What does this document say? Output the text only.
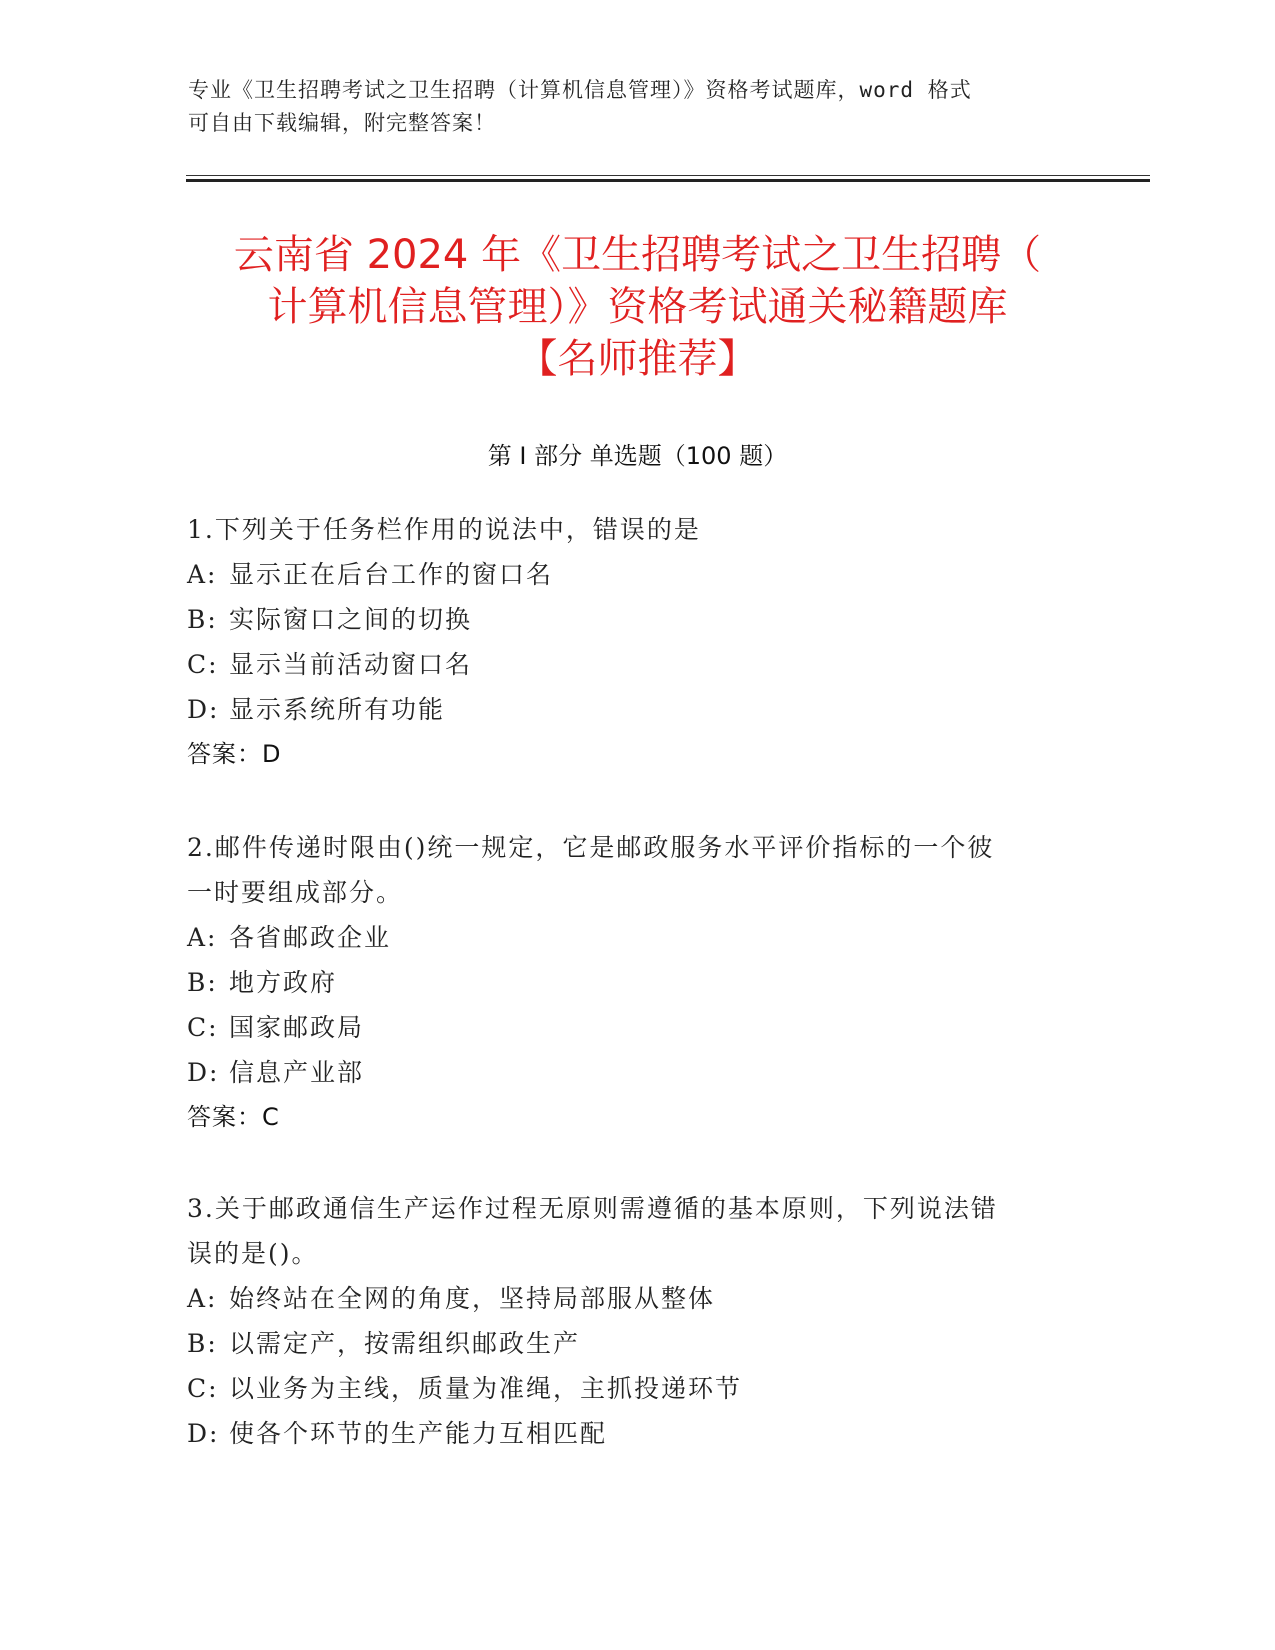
专业《卫生招聘考试之卫生招聘（计算机信息管理）》资格考试题库，word 格式
可自由下载编辑，附完整答案！
云南省 2024 年《卫生招聘考试之卫生招聘（
计算机信息管理）》资格考试通关秘籍题库
【名师推荐】
第 I 部分 单选题（100 题）
1.下列关于任务栏作用的说法中，错误的是
A: 显示正在后台工作的窗口名
B: 实际窗口之间的切换
C: 显示当前活动窗口名
D: 显示系统所有功能
答案：D
2.邮件传递时限由()统一规定，它是邮政服务水平评价指标的一个彼
一时要组成部分。
A: 各省邮政企业
B: 地方政府
C: 国家邮政局
D: 信息产业部
答案：C
3.关于邮政通信生产运作过程无原则需遵循的基本原则，下列说法错
误的是()。
A: 始终站在全网的角度，坚持局部服从整体
B: 以需定产，按需组织邮政生产
C: 以业务为主线，质量为准绳，主抓投递环节
D: 使各个环节的生产能力互相匹配
